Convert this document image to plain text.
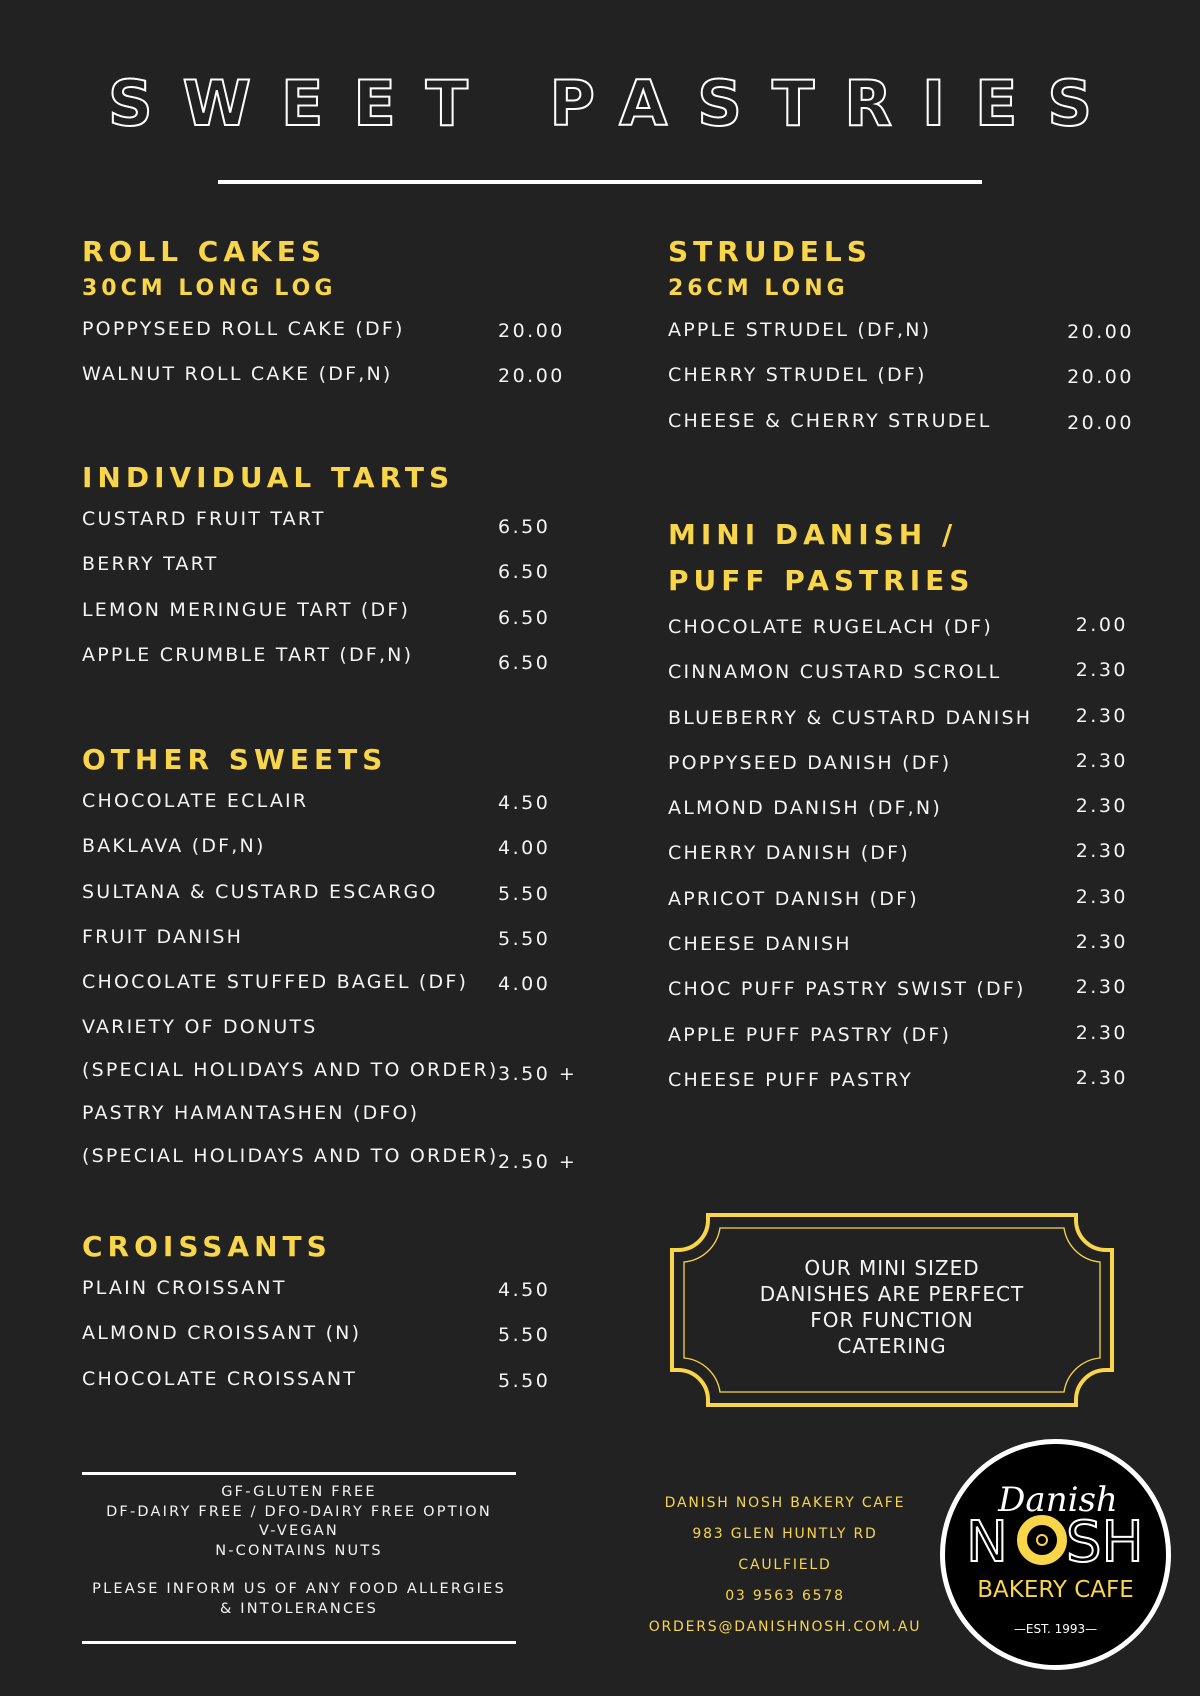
SWEET PASTRIES
ROLL CAKES
30CM LONG LOG
POPPYSEED ROLL CAKE (DF)	20.00
WALNUT ROLL CAKE (DF,N)	20.00
INDIVIDUAL TARTS
CUSTARD FRUIT TART	6.50
BERRY TART	6.50
LEMON MERINGUE TART (DF)	6.50
APPLE CRUMBLE TART (DF,N)	6.50
OTHER SWEETS
CHOCOLATE ECLAIR	4.50
BAKLAVA (DF,N)	4.00
SULTANA & CUSTARD ESCARGO	5.50
FRUIT DANISH	5.50
CHOCOLATE STUFFED BAGEL (DF) 4.00
VARIETY OF DONUTS
(SPECIAL HOLIDAYS AND TO ORDER) 3.50 +
PASTRY HAMANTASHEN (DFO)
(SPECIAL HOLIDAYS AND TO ORDER) 2.50 +
CROISSANTS
PLAIN CROISSANT	4.50
ALMOND CROISSANT (N)	5.50
CHOCOLATE CROISSANT	5.50
STRUDELS
26CM LONG
APPLE STRUDEL (DF,N)	20.00
CHERRY STRUDEL (DF)	20.00
CHEESE & CHERRY STRUDEL	20.00
MINI DANISH /
PUFF PASTRIES
CHOCOLATE RUGELACH (DF)	2.00
CINNAMON CUSTARD SCROLL	2.30
BLUEBERRY & CUSTARD DANISH 2.30
POPPYSEED DANISH (DF)	2.30
ALMOND DANISH (DF,N)	2.30
CHERRY DANISH (DF)	2.30
APRICOT DANISH (DF)	2.30
CHEESE DANISH	2.30
CHOC PUFF PASTRY SWIST (DF)	2.30
APPLE PUFF PASTRY (DF)	2.30
CHEESE PUFF PASTRY	2.30
OUR MINI SIZED
DANISHES ARE PERFECT
FOR FUNCTION
CATERING
GF-GLUTEN FREE
DF-DAIRY FREE / DFO-DAIRY FREE OPTION
V-VEGAN
N-CONTAINS NUTS
PLEASE INFORM US OF ANY FOOD ALLERGIES
& INTOLERANCES
DANISH NOSH BAKERY CAFE
983 GLEN HUNTLY RD
CAULFIELD
03 9563 6578
ORDERS@DANISHNOSH.COM.AU
Danish
N SH
BAKERY CAFE
—EST. 1993—
